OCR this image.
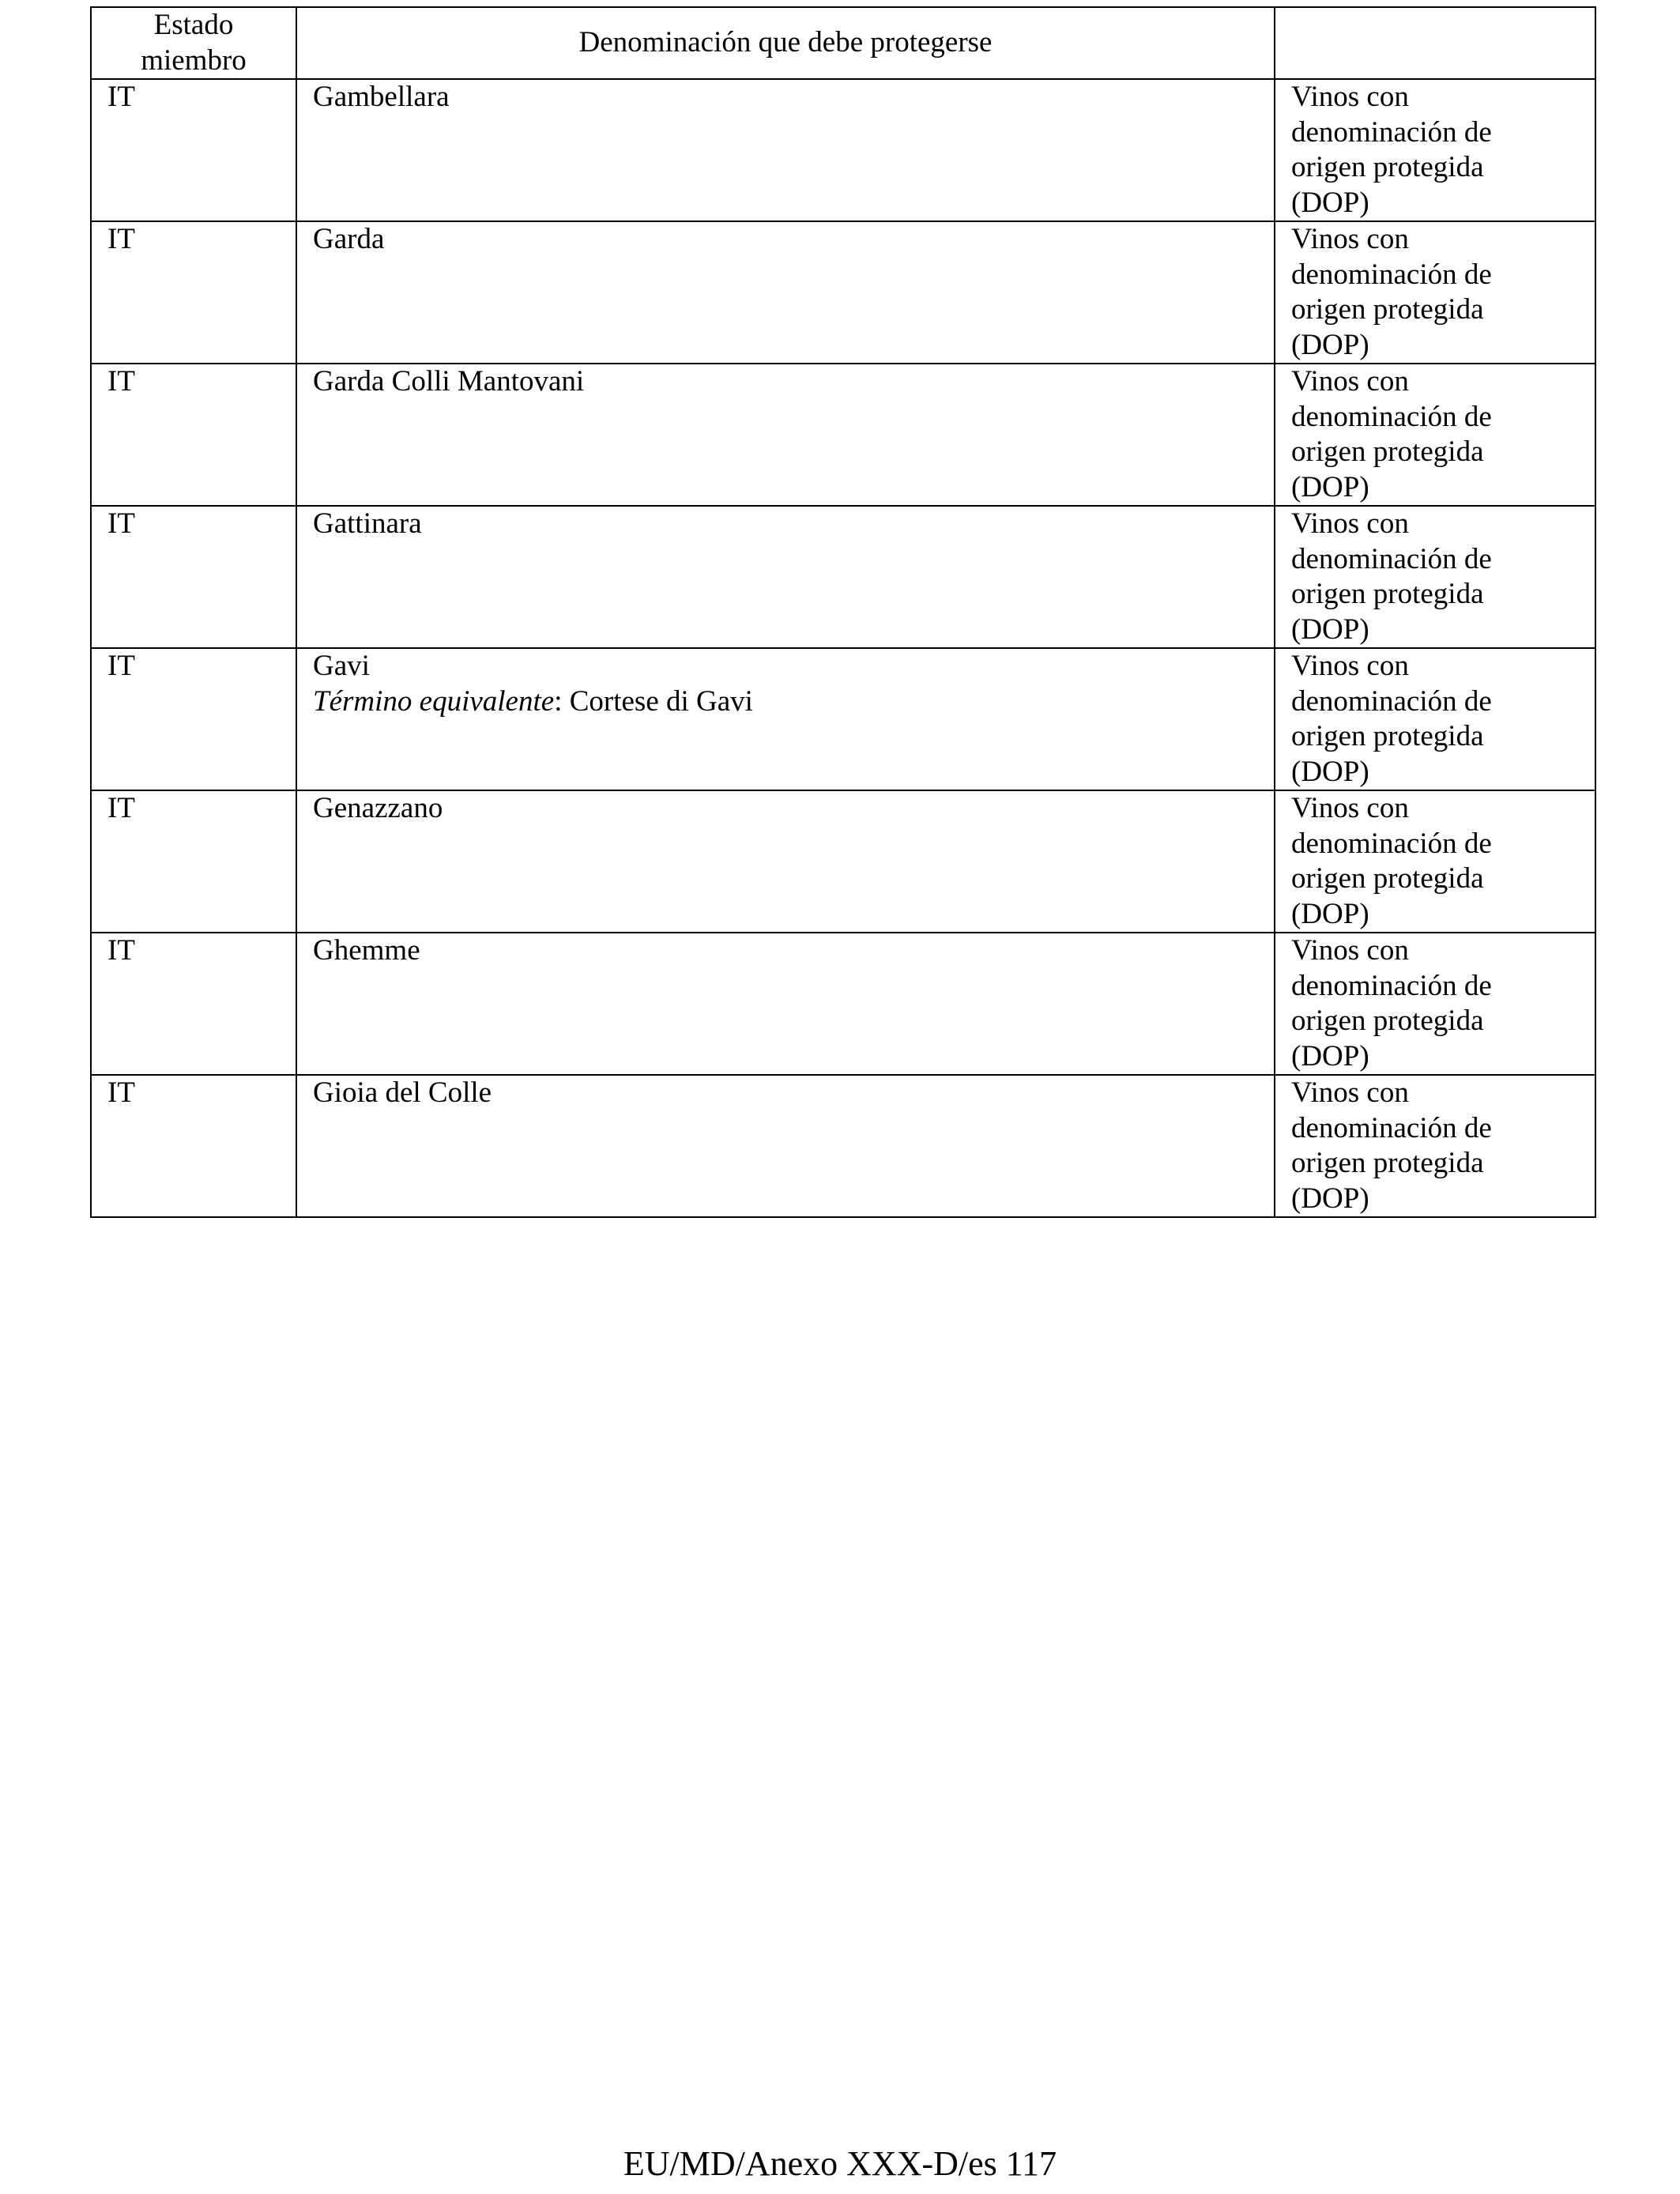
Estado
miembro	Denominación que debe protegerse	
IT	Gambellara	Vinos con
denominación de
origen protegida
(DOP)

IT	Garda	Vinos con
denominación de
origen protegida
(DOP)

IT	Garda Colli Mantovani	Vinos con
denominación de
origen protegida
(DOP)

IT	Gattinara	Vinos con
denominación de
origen protegida
(DOP)

IT	Gavi
Término equivalente: Cortese di Gavi	Vinos con
denominación de
origen protegida
(DOP)

IT	Genazzano	Vinos con
denominación de
origen protegida
(DOP)

IT	Ghemme	Vinos con
denominación de
origen protegida
(DOP)

IT	Gioia del Colle	Vinos con
denominación de
origen protegida
(DOP)
EU/MD/Anexo XXX-D/es 117
